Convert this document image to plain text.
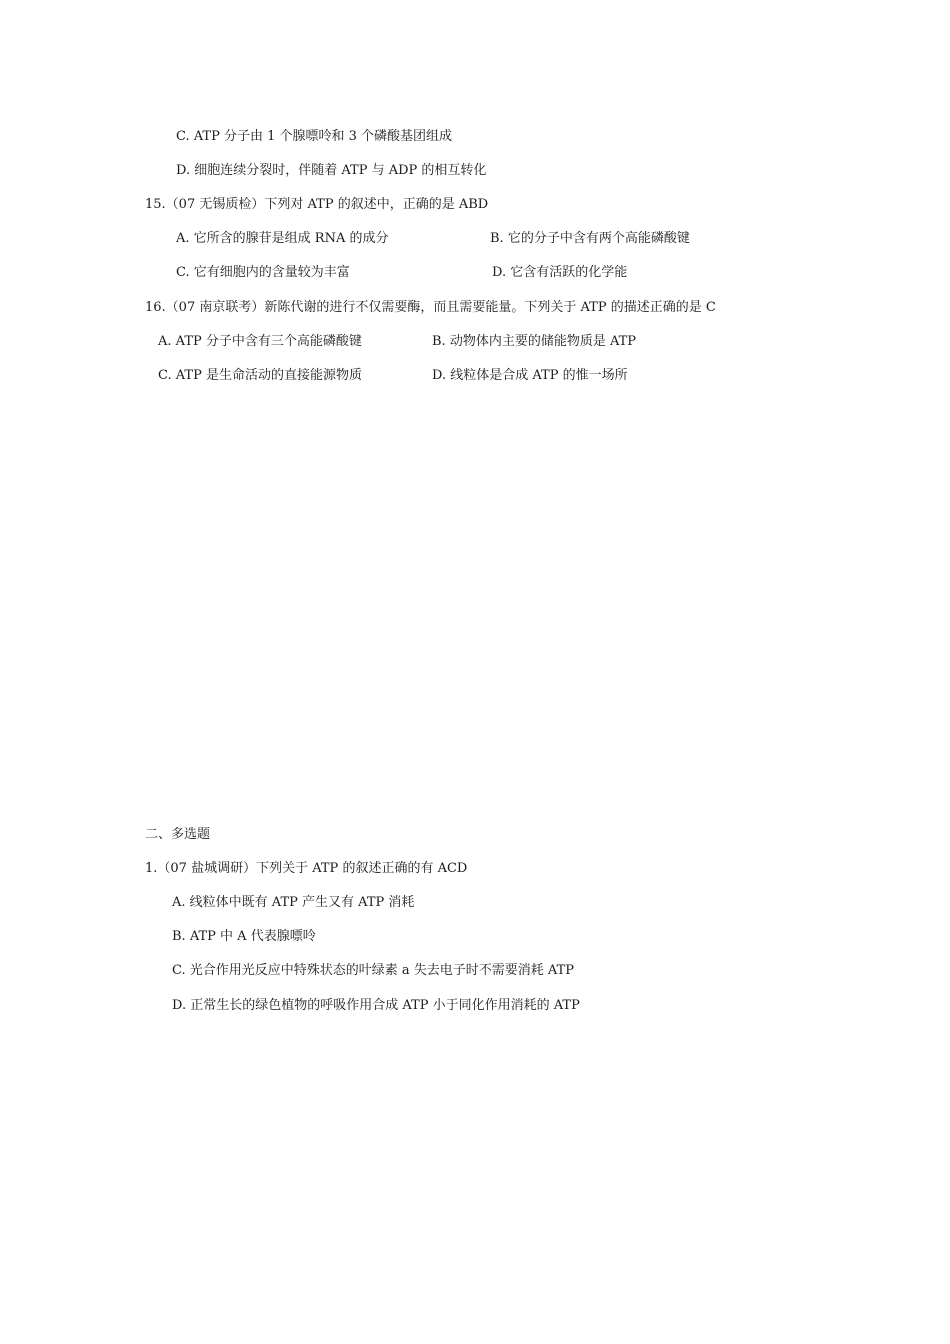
C. ATP 分子由 1 个腺嘌呤和 3 个磷酸基团组成
D. 细胞连续分裂时，伴随着 ATP 与 ADP 的相互转化
15.（07 无锡质检）下列对 ATP 的叙述中，正确的是 ABD
A. 它所含的腺苷是组成 RNA 的成分	B. 它的分子中含有两个高能磷酸键
C. 它有细胞内的含量较为丰富	D. 它含有活跃的化学能
16.（07 南京联考）新陈代谢的进行不仅需要酶，而且需要能量。下列关于 ATP 的描述正确的是 C
A. ATP 分子中含有三个高能磷酸键	B. 动物体内主要的储能物质是 ATP
C. ATP 是生命活动的直接能源物质	D. 线粒体是合成 ATP 的惟一场所
二、多选题
1.（07 盐城调研）下列关于 ATP 的叙述正确的有 ACD
A. 线粒体中既有 ATP 产生又有 ATP 消耗
B. ATP 中 A 代表腺嘌呤
C. 光合作用光反应中特殊状态的叶绿素 a 失去电子时不需要消耗 ATP
D. 正常生长的绿色植物的呼吸作用合成 ATP 小于同化作用消耗的 ATP
